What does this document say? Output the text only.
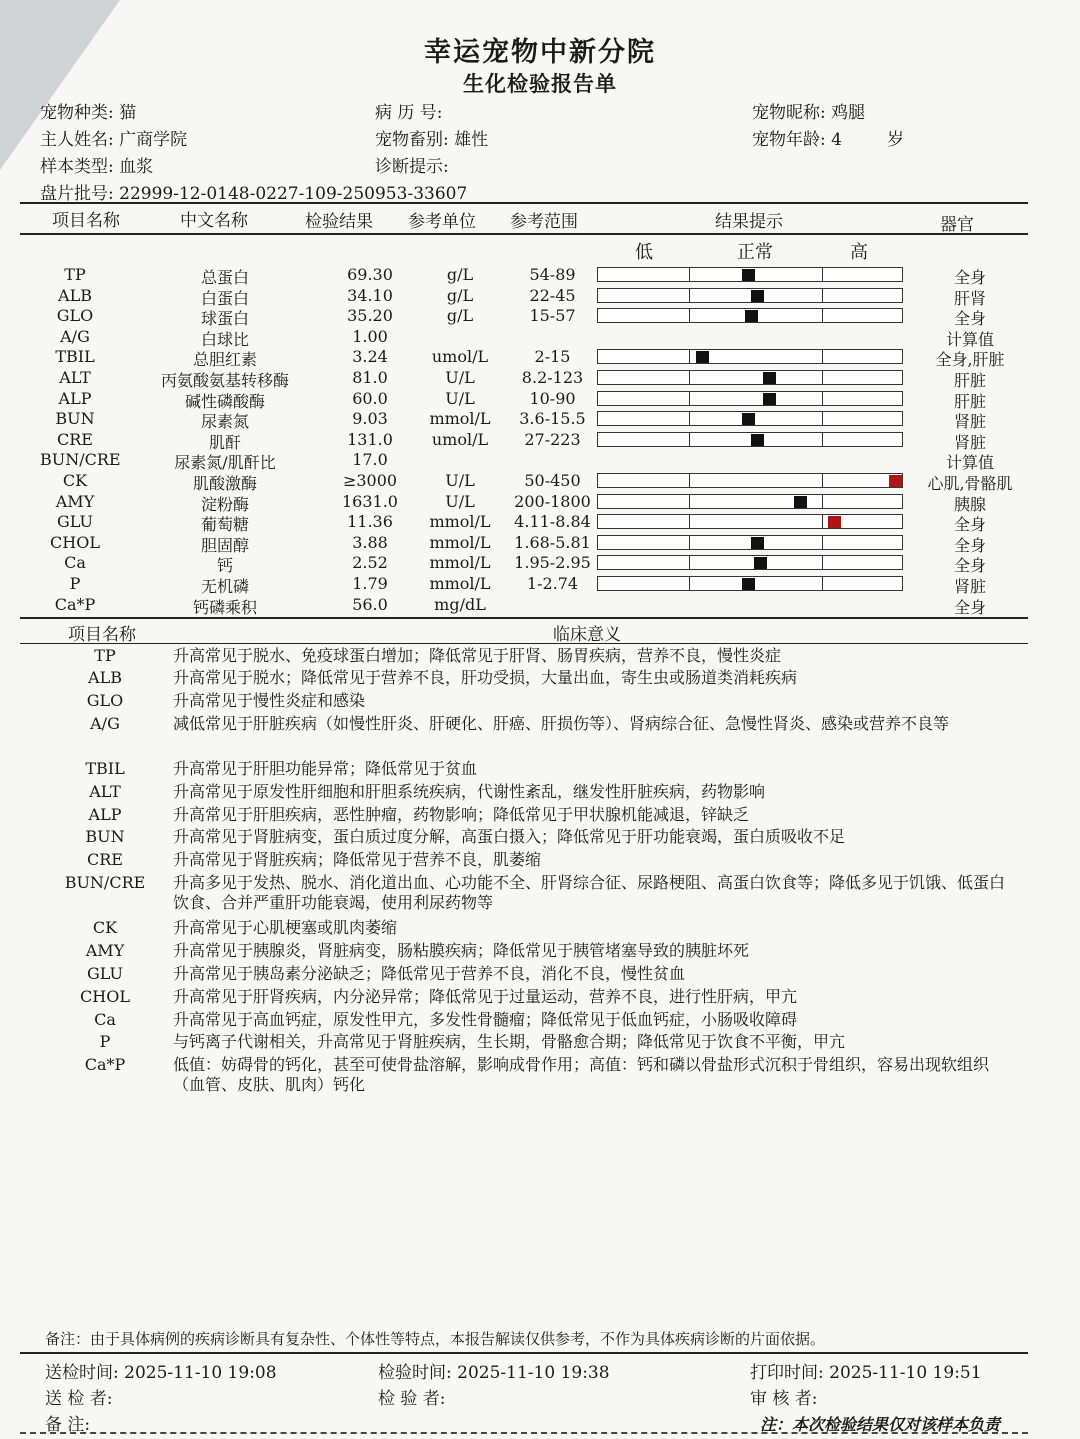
幸运宠物中新分院
生化检验报告单
宠物种类: 猫	病 历 号:	宠物昵称: 鸡腿
主人姓名: 广商学院	宠物畜别: 雄性	宠物年龄: 4	岁
样本类型: 血浆	诊断提示:
盘片批号: 22999-12-0148-0227-109-250953-33607
项目名称	中文名称	检验结果 参考单位 参考范围	结果提示	器官
低	正常	高
TP	总蛋白	69.30	g/L	54-89	全身
ALB	白蛋白	34.10	g/L	22-45	肝肾
GLO	球蛋白	35.20	g/L	15-57	全身
A/G	白球比	1.00	计算值
TBIL	总胆红素	3.24	umol/L	2-15	全身,肝脏
ALT	丙氨酸氨基转移酶	81.0	U/L	8.2-123	肝脏
ALP	碱性磷酸酶	60.0	U/L	10-90	肝脏
BUN	尿素氮	9.03	mmol/L	3.6-15.5	肾脏
CRE	肌酐	131.0	umol/L	27-223	肾脏
BUN/CRE	尿素氮/肌酐比	17.0	计算值
CK	肌酸激酶	≥3000	U/L	50-450	心肌,骨骼肌
AMY	淀粉酶	1631.0	U/L	200-1800	胰腺
GLU	葡萄糖	11.36	mmol/L	4.11-8.84	全身
CHOL	胆固醇	3.88	mmol/L	1.68-5.81	全身
Ca	钙	2.52	mmol/L	1.95-2.95	全身
P	无机磷	1.79	mmol/L	1-2.74	肾脏
Ca*P	钙磷乘积	56.0	mg/dL	全身
项目名称	临床意义
TP	升高常见于脱水、免疫球蛋白增加；降低常见于肝肾、肠胃疾病，营养不良，慢性炎症
ALB	升高常见于脱水；降低常见于营养不良，肝功受损，大量出血，寄生虫或肠道类消耗疾病
GLO	升高常见于慢性炎症和感染
A/G	减低常见于肝脏疾病（如慢性肝炎、肝硬化、肝癌、肝损伤等）、肾病综合征、急慢性肾炎、感染或营养不良等
TBIL	升高常见于肝胆功能异常；降低常见于贫血
ALT	升高常见于原发性肝细胞和肝胆系统疾病，代谢性紊乱，继发性肝脏疾病，药物影响
ALP	升高常见于肝胆疾病，恶性肿瘤，药物影响；降低常见于甲状腺机能减退，锌缺乏
BUN	升高常见于肾脏病变，蛋白质过度分解，高蛋白摄入；降低常见于肝功能衰竭，蛋白质吸收不足
CRE	升高常见于肾脏疾病；降低常见于营养不良，肌萎缩
BUN/CRE 升高多见于发热、脱水、消化道出血、心功能不全、肝肾综合征、尿路梗阻、高蛋白饮食等；降低多见于饥饿、低蛋白饮食、合并严重肝功能衰竭，使用利尿药物等
CK	升高常见于心肌梗塞或肌肉萎缩
AMY	升高常见于胰腺炎，肾脏病变，肠粘膜疾病；降低常见于胰管堵塞导致的胰脏坏死
GLU	升高常见于胰岛素分泌缺乏；降低常见于营养不良，消化不良，慢性贫血
CHOL	升高常见于肝肾疾病，内分泌异常；降低常见于过量运动，营养不良，进行性肝病，甲亢
Ca	升高常见于高血钙症，原发性甲亢，多发性骨髓瘤；降低常见于低血钙症，小肠吸收障碍
P	与钙离子代谢相关，升高常见于肾脏疾病，生长期，骨骼愈合期；降低常见于饮食不平衡，甲亢
Ca*P	低值：妨碍骨的钙化，甚至可使骨盐溶解，影响成骨作用；高值：钙和磷以骨盐形式沉积于骨组织，容易出现软组织（血管、皮肤、肌肉）钙化
备注：由于具体病例的疾病诊断具有复杂性、个体性等特点，本报告解读仅供参考，不作为具体疾病诊断的片面依据。
送检时间: 2025-11-10 19:08	检验时间: 2025-11-10 19:38	打印时间: 2025-11-10 19:51
送 检 者:	检 验 者:	审 核 者:
备 注:	注：本次检验结果仅对该样本负责
